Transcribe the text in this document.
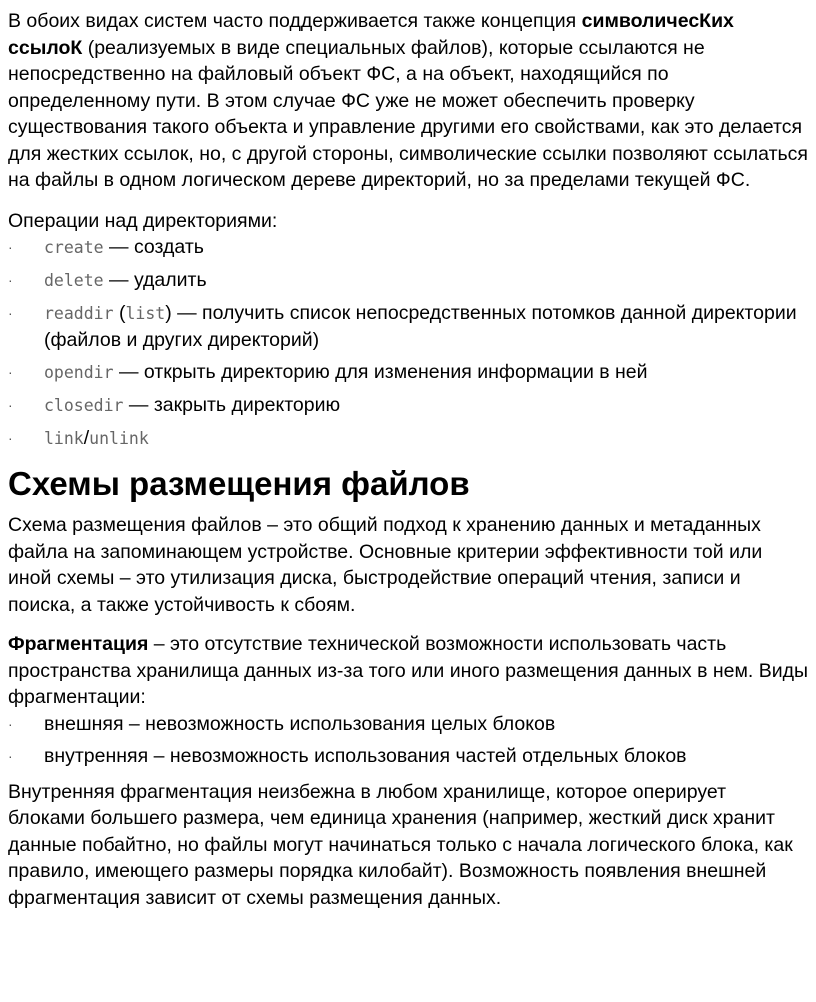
В обоих видах систем часто поддерживается также концепция символичесКих ссылоК (реализуемых в виде специальных файлов), которые ссылаются не непосредственно на файловый объект ФС, а на объект, находящийся по определенному пути. В этом случае ФС уже не может обеспечить проверку существования такого объекта и управление другими его свойствами, как это делается для жестких ссылок, но, с другой стороны, символические ссылки позволяют ссылаться на файлы в одном логическом дереве директорий, но за пределами текущей ФС.

Операции над директориями:

· create — создать
· delete — удалить
· readdir (list) — получить список непосредственных потомков данной директории (файлов и других директорий)
· opendir — открыть директорию для изменения информации в ней
· closedir — закрыть директорию
· link/unlink
Схемы размещения файлов

Схема размещения файлов – это общий подход к хранению данных и метаданных файла на запоминающем устройстве. Основные критерии эффективности той или иной схемы – это утилизация диска, быстродействие операций чтения, записи и поиска, а также устойчивость к сбоям.

Фрагментация – это отсутствие технической возможности использовать часть пространства хранилища данных из-за того или иного размещения данных в нем. Виды фрагментации:

· внешняя – невозможность использования целых блоков
· внутренняя – невозможность использования частей отдельных блоков

Внутренняя фрагментация неизбежна в любом хранилище, которое оперирует блоками большего размера, чем единица хранения (например, жесткий диск хранит данные побайтно, но файлы могут начинаться только с начала логического блока, как правило, имеющего размеры порядка килобайт). Возможность появления внешней фрагментация зависит от схемы размещения данных.
